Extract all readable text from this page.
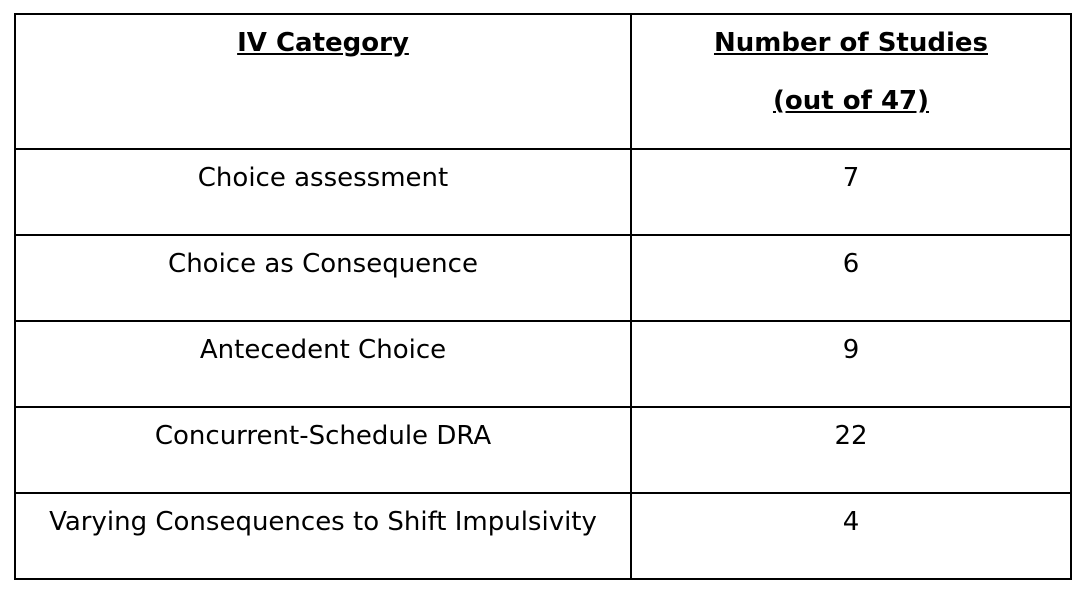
IV Category	Number of Studies
(out of 47)

Choice assessment	7

Choice as Consequence	6

Antecedent Choice	9

Concurrent-Schedule DRA	22

Varying Consequences to Shift Impulsivity	4
